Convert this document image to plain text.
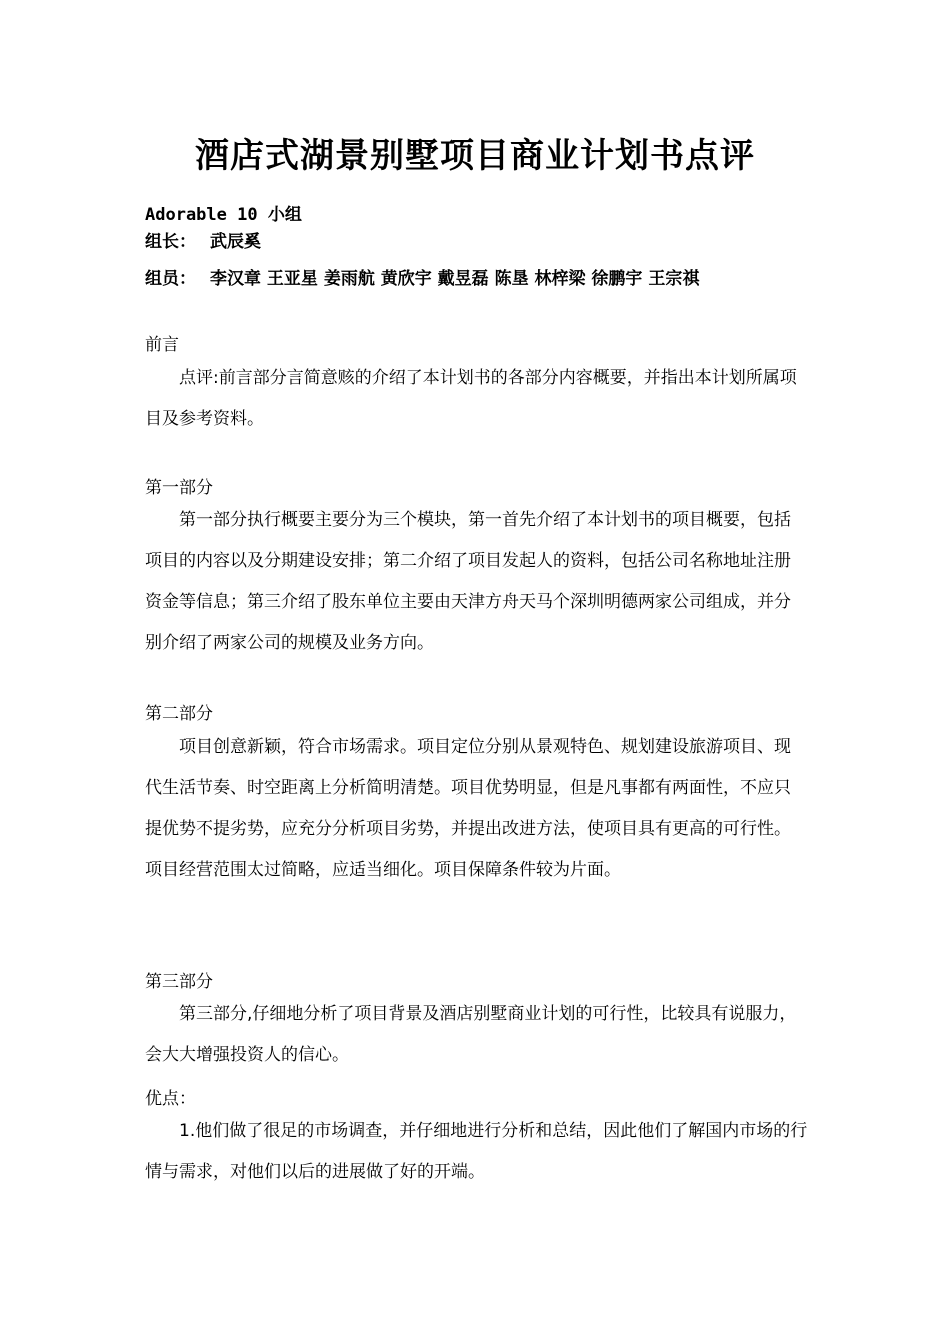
酒店式湖景别墅项目商业计划书点评
Adorable 10 小组
组长： 武辰奚
组员： 李汉章 王亚星 姜雨航 黄欣宇 戴昱磊 陈垦 林梓梁 徐鹏宇 王宗祺
前言

点评:前言部分言简意赅的介绍了本计划书的各部分内容概要，并指出本计划所属项目及参考资料。

第一部分

第一部分执行概要主要分为三个模块，第一首先介绍了本计划书的项目概要，包括项目的内容以及分期建设安排；第二介绍了项目发起人的资料，包括公司名称地址注册资金等信息；第三介绍了股东单位主要由天津方舟天马个深圳明德两家公司组成，并分别介绍了两家公司的规模及业务方向。

第二部分

项目创意新颖，符合市场需求。项目定位分别从景观特色、规划建设旅游项目、现代生活节奏、时空距离上分析简明清楚。项目优势明显，但是凡事都有两面性，不应只提优势不提劣势，应充分分析项目劣势，并提出改进方法，使项目具有更高的可行性。项目经营范围太过简略，应适当细化。项目保障条件较为片面。

第三部分

第三部分,仔细地分析了项目背景及酒店别墅商业计划的可行性，比较具有说服力，会大大增强投资人的信心。

优点：

1.他们做了很足的市场调查，并仔细地进行分析和总结，因此他们了解国内市场的行情与需求，对他们以后的进展做了好的开端。
